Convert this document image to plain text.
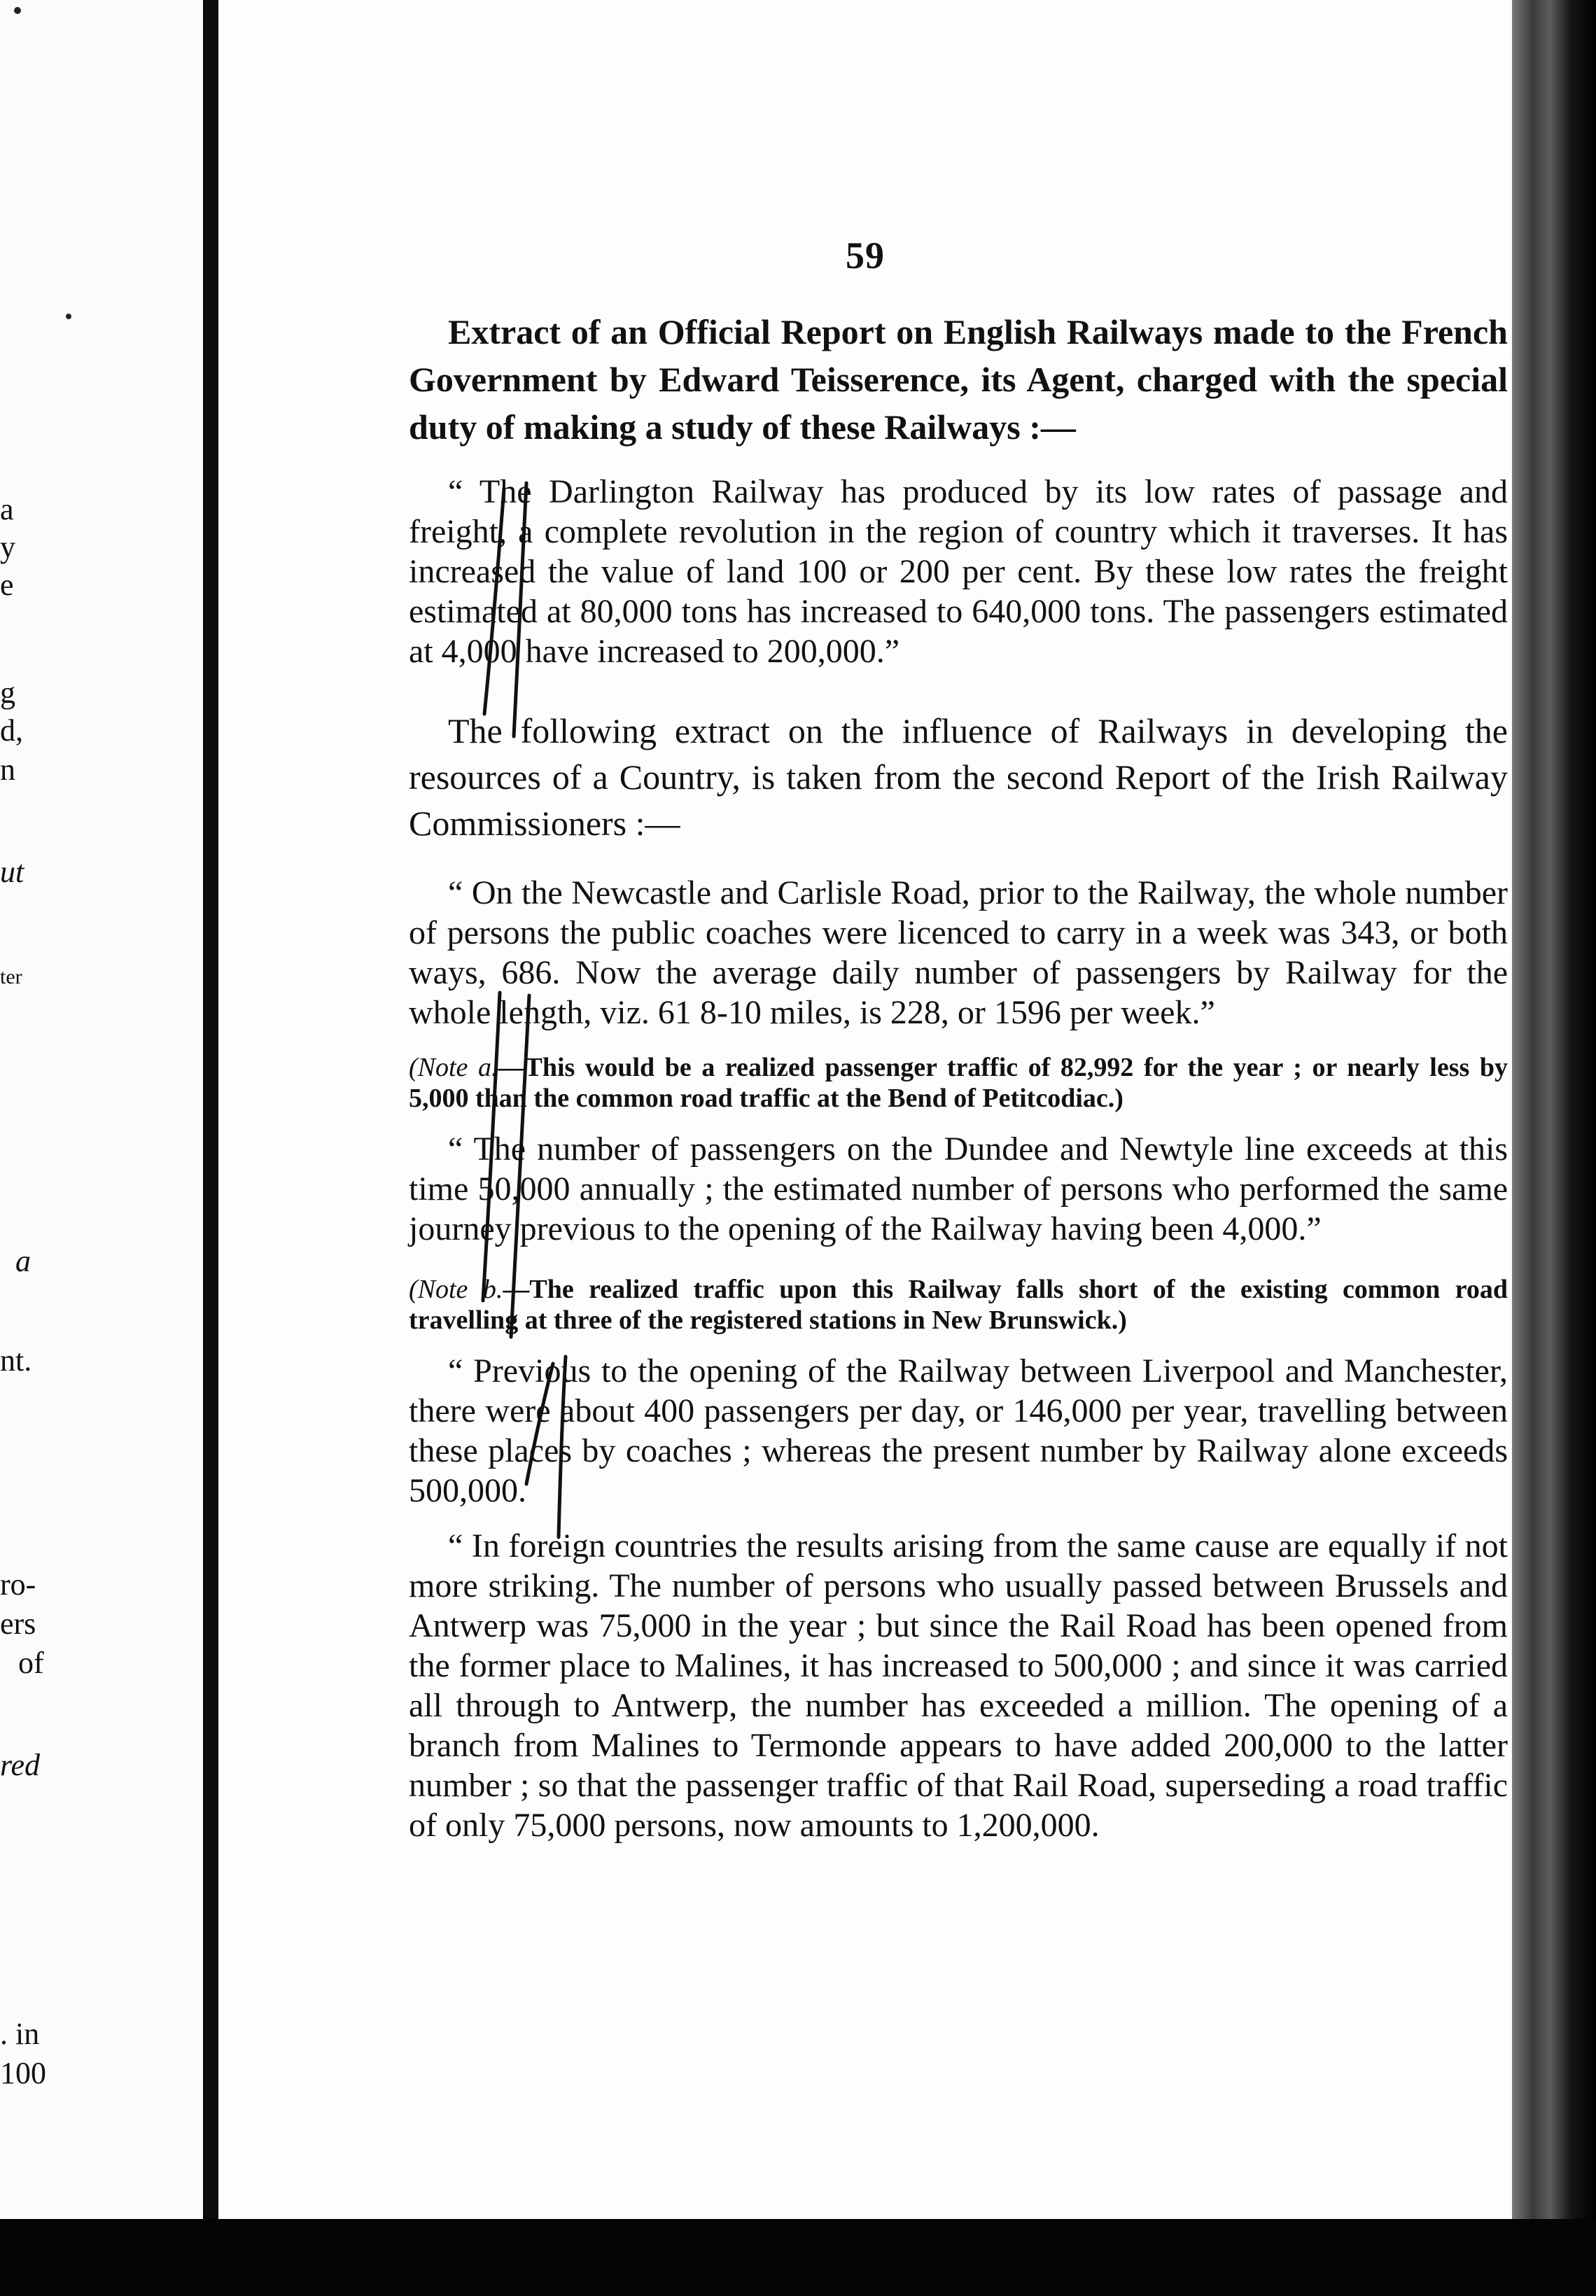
a
y
e
g
d,
n
ut
ter
a
nt.
ro-
ers
of
red
. in
100
59

Extract of an Official Report on English Railways made to the French Government by Edward Teisserence, its Agent, charged with the special duty of making a study of these Railways :—

“ The Darlington Railway has produced by its low rates of passage and freight, a complete revolution in the region of country which it traverses. It has increased the value of land 100 or 200 per cent. By these low rates the freight estimated at 80,000 tons has increased to 640,000 tons. The passengers estimated at 4,000 have increased to 200,000.”

The following extract on the influence of Railways in developing the resources of a Country, is taken from the second Report of the Irish Railway Commissioners :—

“ On the Newcastle and Carlisle Road, prior to the Railway, the whole number of persons the public coaches were licenced to carry in a week was 343, or both ways, 686. Now the average daily number of passengers by Railway for the whole length, viz. 61 8-10 miles, is 228, or 1596 per week.”

(Note a.—This would be a realized passenger traffic of 82,992 for the year ; or nearly less by 5,000 than the common road traffic at the Bend of Petitcodiac.)

“ The number of passengers on the Dundee and Newtyle line exceeds at this time 50,000 annually ; the estimated number of persons who performed the same journey previous to the opening of the Railway having been 4,000.”

(Note b.—The realized traffic upon this Railway falls short of the existing common road travelling at three of the registered stations in New Brunswick.)

“ Previous to the opening of the Railway between Liverpool and Manchester, there were about 400 passengers per day, or 146,000 per year, travelling between these places by coaches ; whereas the present number by Railway alone exceeds 500,000.

“ In foreign countries the results arising from the same cause are equally if not more striking. The number of persons who usually passed between Brussels and Antwerp was 75,000 in the year ; but since the Rail Road has been opened from the former place to Malines, it has increased to 500,000 ; and since it was carried all through to Antwerp, the number has exceeded a million. The opening of a branch from Malines to Termonde appears to have added 200,000 to the latter number ; so that the passenger traffic of that Rail Road, superseding a road traffic of only 75,000 persons, now amounts to 1,200,000.
